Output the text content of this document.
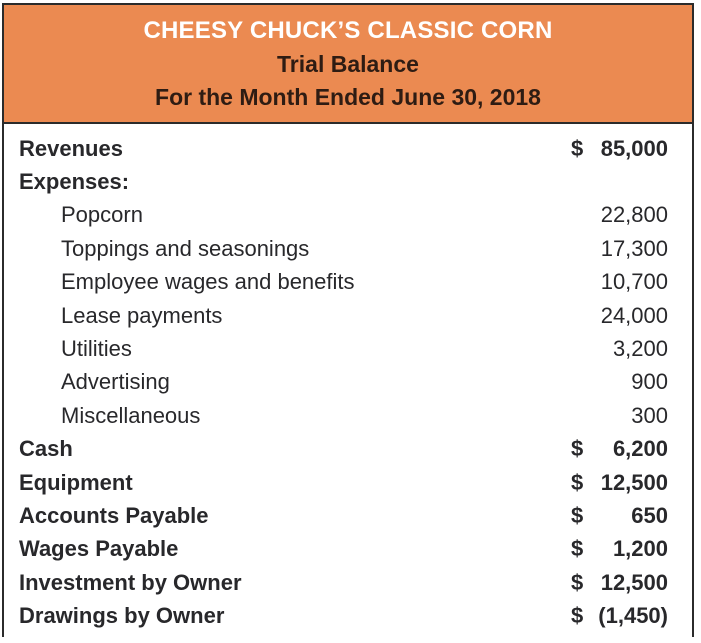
CHEESY CHUCK’S CLASSIC CORN
Trial Balance
For the Month Ended June 30, 2018
Revenues	$ 85,000
Expenses:
Popcorn	22,800
Toppings and seasonings	17,300
Employee wages and benefits	10,700
Lease payments	24,000
Utilities	3,200
Advertising	900
Miscellaneous	300
Cash	$ 6,200
Equipment	$ 12,500
Accounts Payable	$ 650
Wages Payable	$ 1,200
Investment by Owner	$ 12,500
Drawings by Owner	$ (1,450)
